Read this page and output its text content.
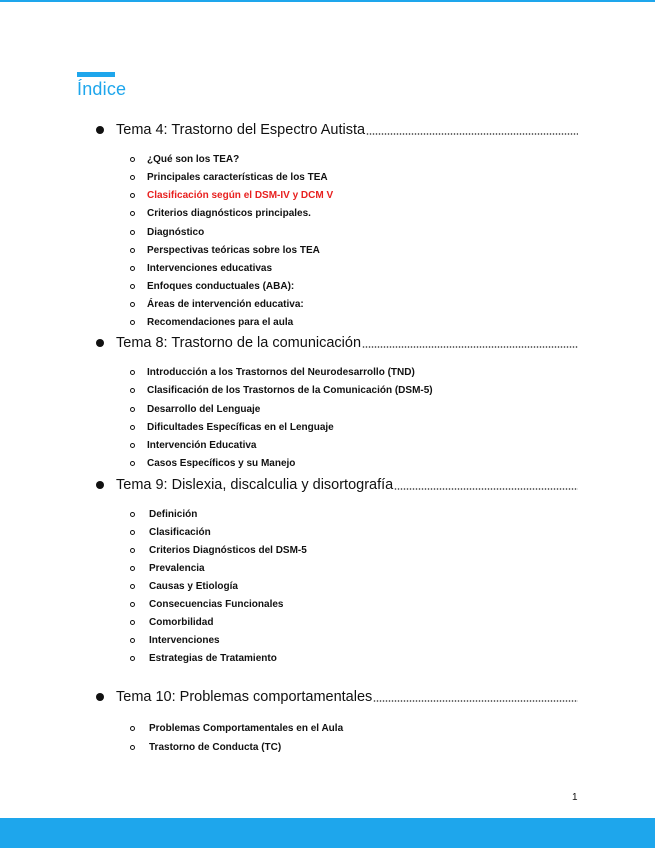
Índice
Tema 4: Trastorno del Espectro Autista
¿Qué son los TEA?
Principales características de los TEA
Clasificación según el DSM-IV y DCM V
Criterios diagnósticos principales.
Diagnóstico
Perspectivas teóricas sobre los TEA
Intervenciones educativas
Enfoques conductuales (ABA):
Áreas de intervención educativa:
Recomendaciones para el aula
Tema 8: Trastorno de la comunicación
Introducción a los Trastornos del Neurodesarrollo (TND)
Clasificación de los Trastornos de la Comunicación (DSM-5)
Desarrollo del Lenguaje
Dificultades Específicas en el Lenguaje
Intervención Educativa
Casos Específicos y su Manejo
Tema 9: Dislexia, discalculia y disortografía
Definición
Clasificación
Criterios Diagnósticos del DSM-5
Prevalencia
Causas y Etiología
Consecuencias Funcionales
Comorbilidad
Intervenciones
Estrategias de Tratamiento
Tema 10: Problemas comportamentales
Problemas Comportamentales en el Aula
Trastorno de Conducta (TC)
1
